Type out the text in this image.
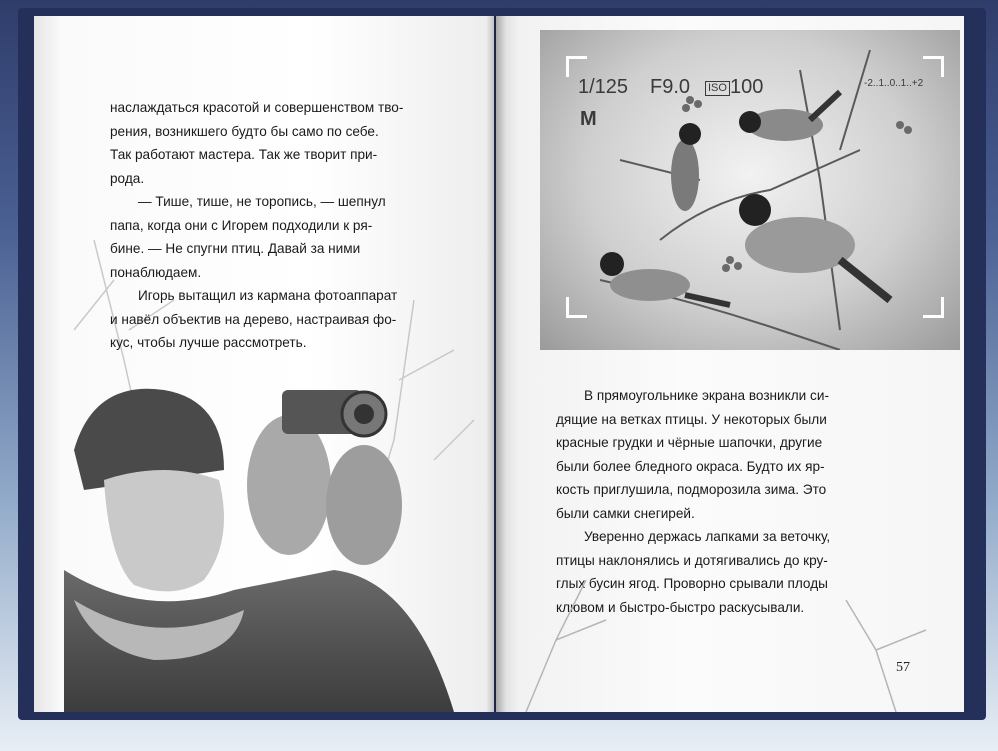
наслаждаться красотой и совершенством тво-
рения, возникшего будто бы само по себе.
Так работают мастера. Так же творит при-
рода.
— Тише, тише, не торопись, — шепнул
папа, когда они с Игорем подходили к ря-
бине. — Не спугни птиц. Давай за ними
понаблюдаем.
Игорь вытащил из кармана фотоаппарат
и навёл объектив на дерево, настраивая фо-
кус, чтобы лучше рассмотреть.
1/125 F9.0 ISO 100
M
-2..1..0..1..+2
В прямоугольнике экрана возникли си-
дящие на ветках птицы. У некоторых были
красные грудки и чёрные шапочки, другие
были более бледного окраса. Будто их яр-
кость приглушила, подморозила зима. Это
были самки снегирей.
Уверенно держась лапками за веточку,
птицы наклонялись и дотягивались до кру-
глых бусин ягод. Проворно срывали плоды
клювом и быстро-быстро раскусывали.
57
